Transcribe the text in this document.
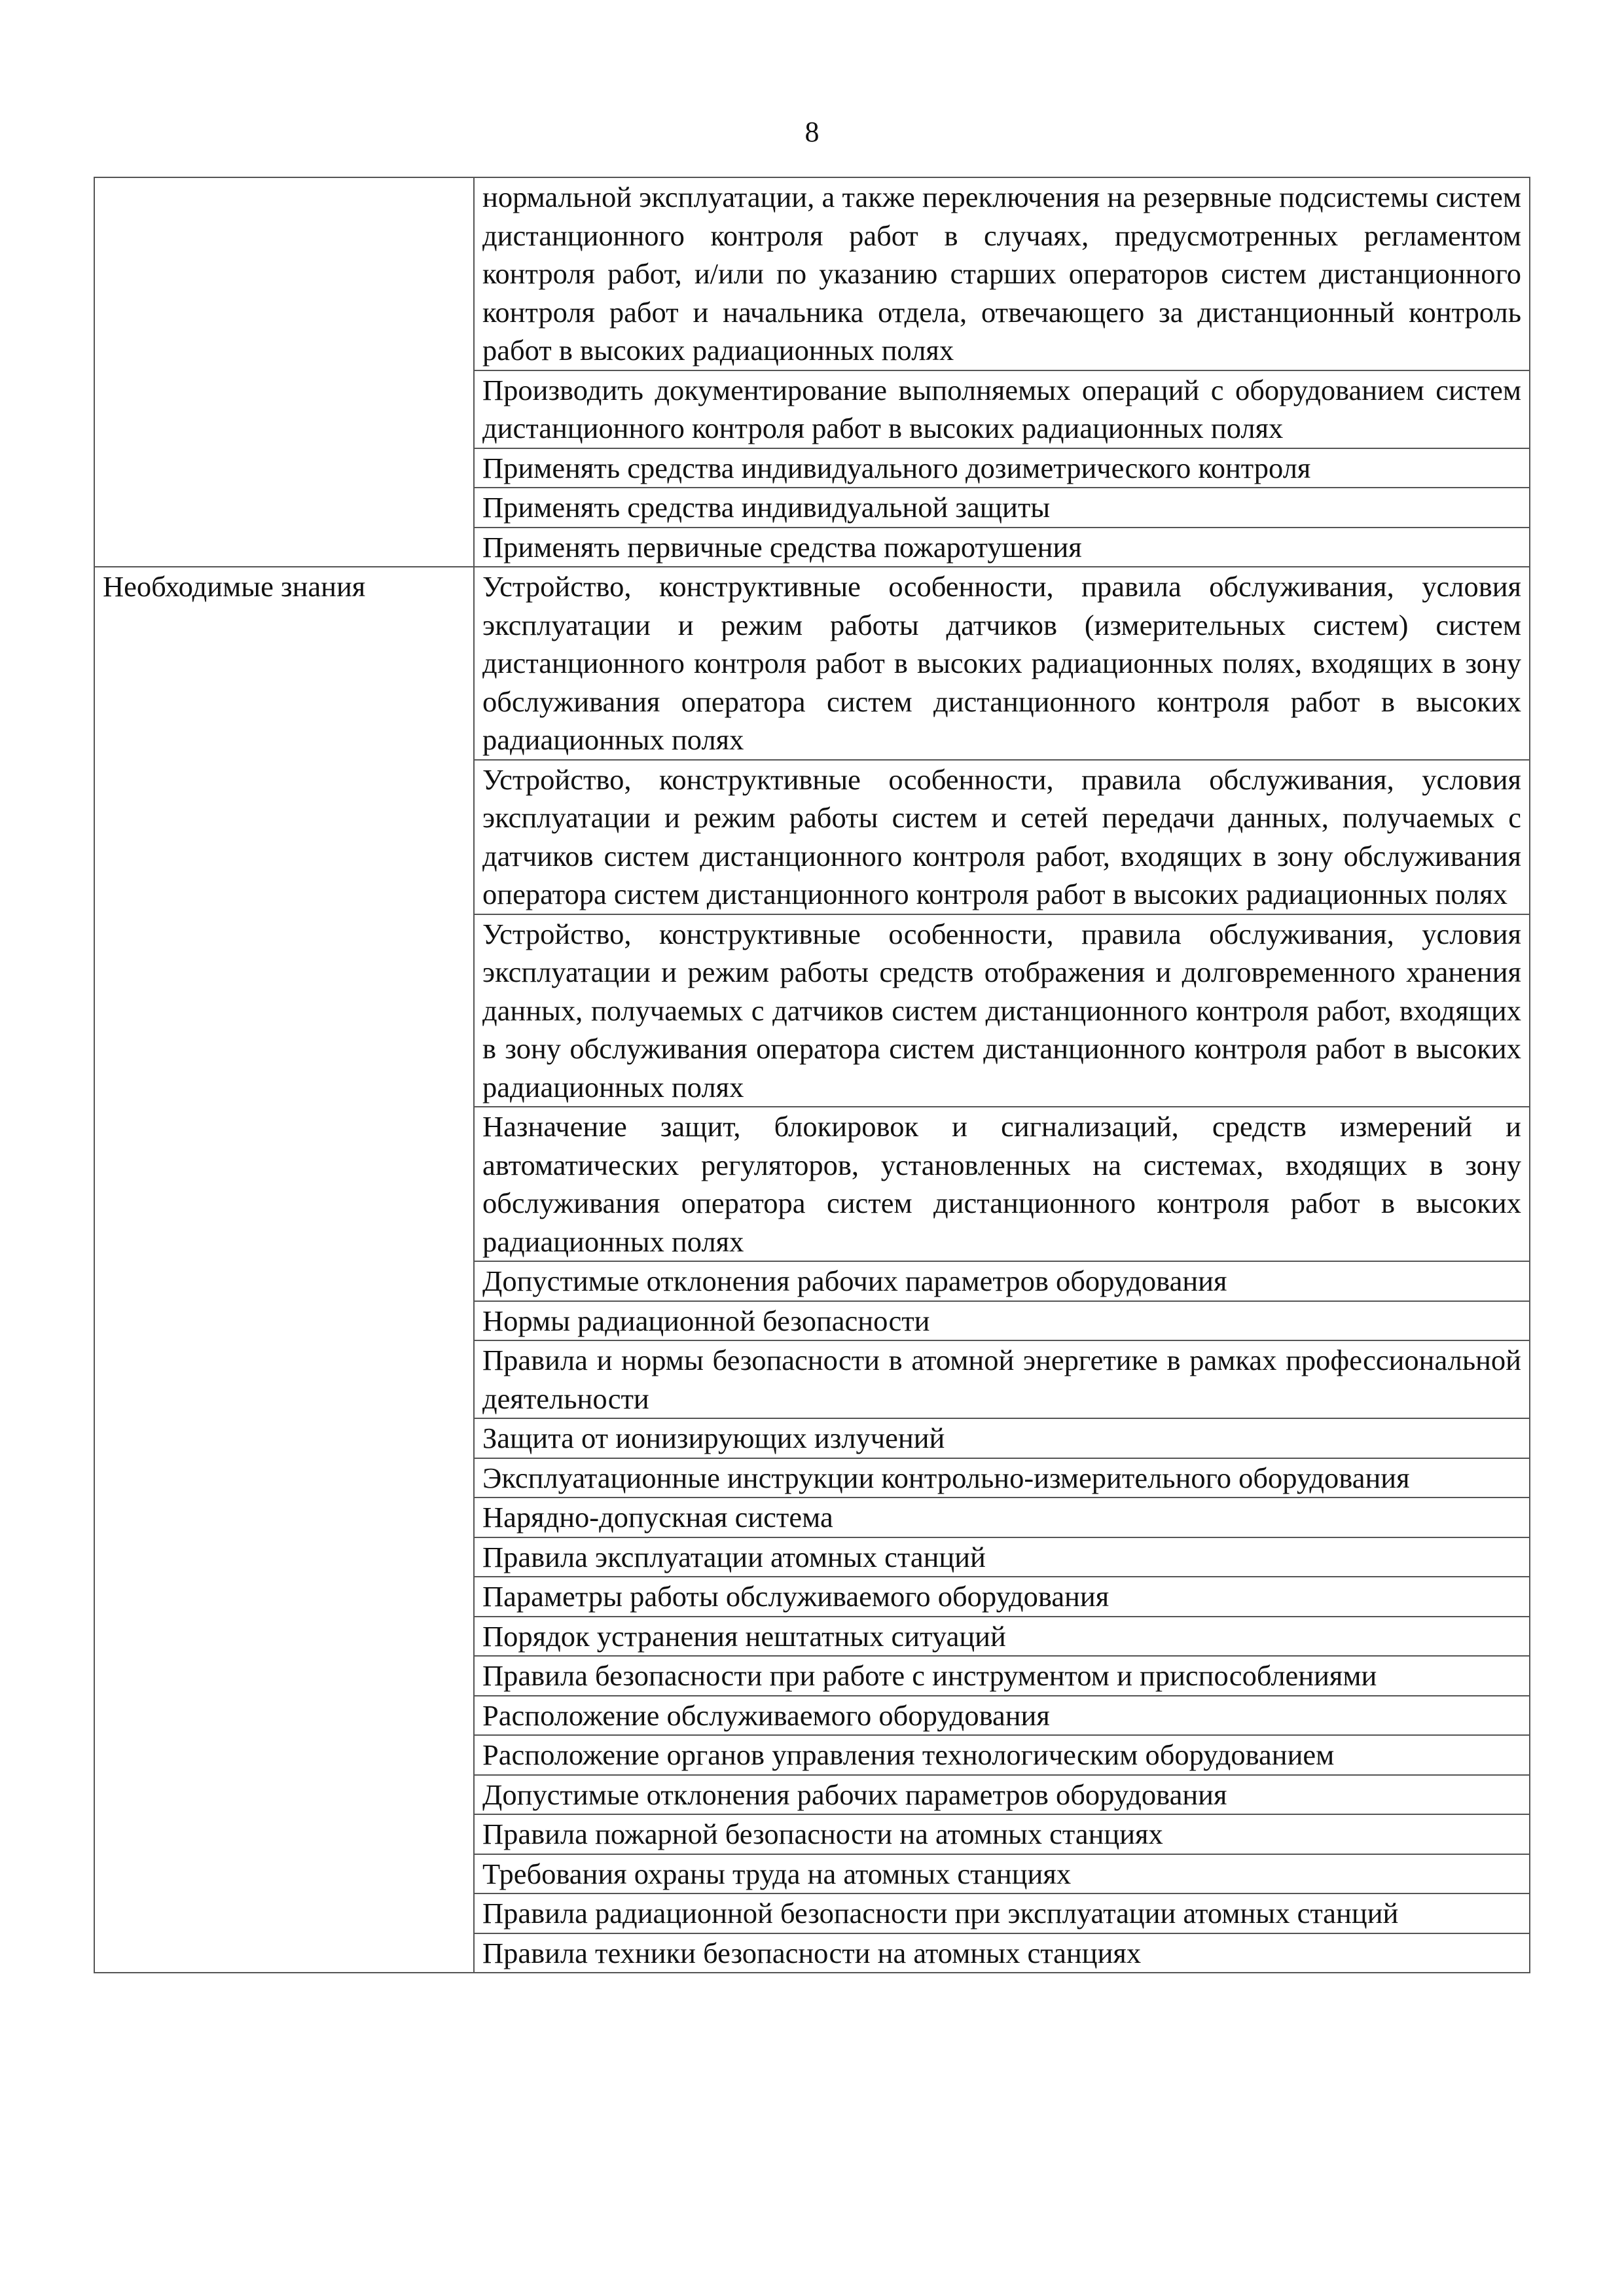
8
	нормальной эксплуатации, а также переключения на резервные подсистемы систем дистанционного контроля работ в случаях, предусмотренных регламентом контроля работ, и/или по указанию старших операторов систем дистанционного контроля работ и начальника отдела, отвечающего за дистанционный контроль работ в высоких радиационных полях
	Производить документирование выполняемых операций с оборудованием систем дистанционного контроля работ в высоких радиационных полях
	Применять средства индивидуального дозиметрического контроля
	Применять средства индивидуальной защиты
	Применять первичные средства пожаротушения
Необходимые знания	Устройство, конструктивные особенности, правила обслуживания, условия эксплуатации и режим работы датчиков (измерительных систем) систем дистанционного контроля работ в высоких радиационных полях, входящих в зону обслуживания оператора систем дистанционного контроля работ в высоких радиационных полях
	Устройство, конструктивные особенности, правила обслуживания, условия эксплуатации и режим работы систем и сетей передачи данных, получаемых с датчиков систем дистанционного контроля работ, входящих в зону обслуживания оператора систем дистанционного контроля работ в высоких радиационных полях
	Устройство, конструктивные особенности, правила обслуживания, условия эксплуатации и режим работы средств отображения и долговременного хранения данных, получаемых с датчиков систем дистанционного контроля работ, входящих в зону обслуживания оператора систем дистанционного контроля работ в высоких радиационных полях
	Назначение защит, блокировок и сигнализаций, средств измерений и автоматических регуляторов, установленных на системах, входящих в зону обслуживания оператора систем дистанционного контроля работ в высоких радиационных полях
	Допустимые отклонения рабочих параметров оборудования
	Нормы радиационной безопасности
	Правила и нормы безопасности в атомной энергетике в рамках профессиональной деятельности
	Защита от ионизирующих излучений
	Эксплуатационные инструкции контрольно-измерительного оборудования
	Нарядно-допускная система
	Правила эксплуатации атомных станций
	Параметры работы обслуживаемого оборудования
	Порядок устранения нештатных ситуаций
	Правила безопасности при работе с инструментом и приспособлениями
	Расположение обслуживаемого оборудования
	Расположение органов управления технологическим оборудованием
	Допустимые отклонения рабочих параметров оборудования
	Правила пожарной безопасности на атомных станциях
	Требования охраны труда на атомных станциях
	Правила радиационной безопасности при эксплуатации атомных станций
	Правила техники безопасности на атомных станциях
